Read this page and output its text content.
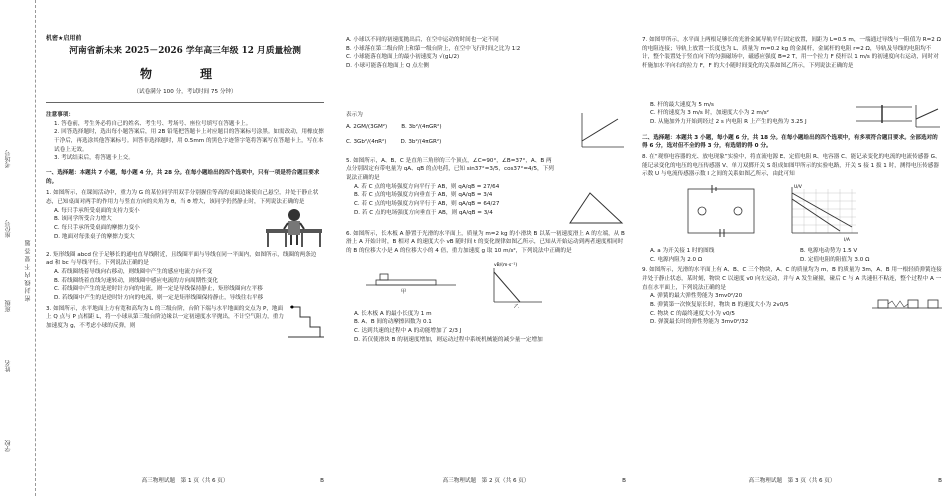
考场号
座位号
班级
姓名
学校
密 封 线 内 不 要 答 题
机密★启用前
河南省新未来 2025－2026 学年高三年级 12 月质量检测
物　理
（试卷满分 100 分，考试时间 75 分钟）
注意事项：
1. 答卷前，考生务必将自己的姓名、考生号、考场号、座位号填写在答题卡上。
2. 回答选择题时，选出每小题答案后，用 2B 铅笔把答题卡上对应题目的答案标号涂黑。如需改动，用橡皮擦干净后，再选涂其他答案标号。回答非选择题时，用 0.5mm 的黑色字迹签字笔将答案写在答题卡上，写在本试卷上无效。
3. 考试结束后，将答题卡上交。
一、选择题：本题共 7 小题，每小题 4 分，共 28 分。在每小题给出的四个选项中，只有一项是符合题目要求的。
1. 如图所示，在课间活动中，重力为 G 的某位同学用双手分别握住等高的桌面边缘使自己悬空，并处于静止状态，已知桌面对两手的作用力与竖直方向的夹角为 θ，当 θ 增大，该同学仍然静止时，下列说法正确的是
A. 每只手承所受桌面的支持力变小
B. 该同学所受合力增大
C. 每只手承所受桌面的摩擦力变小
D. 地面对每张桌子的摩擦力变大
2. 矩形线圈 abcd 位于足够长的通电直导线附近，且线圈平面与导线在同一平面内，如图所示，线圈的两条边 ad 和 bc 与导线平行。下列说法正确的是
A. 若线圈绕着导线向右移动，则线圈中产生的感应电流方向不变
B. 若线圈绕着直线匀速转动，则线圈中感应电流的方向周期性变化
C. 若线圈中产生的是逆时针方向的电流，则一定是导线保持静止，矩形线圈向左平移
D. 若线圈中产生的是逆时针方向的电流，则一定是矩形线圈保持静止，导线往右平移
3. 如图所示，水平地面上方有宽和高均为 L 的三级台阶，台阶下端与水平地面的交点为 P，地面上 Q 点与 P 点相距 L，将一小球从第三级台阶边缘以一定初速度水平抛出，不计空气阻力，重力加速度为 g，不考虑小球的反弹，则
高三物理试题　第 1 页（共 6 页）	B
A. 小球以不同的初速度抛出后，在空中运动的时间也一定不同
B. 小球落在第二级台阶上和第一级台阶上，在空中飞行时间之比为 1∶2
C. 小球能落在地面上的最小初速度为 √(gL/2)
D. 小球可能落在地面上 Q 点左侧
表示为
A. 2GM/(3GM²)	B. 3b²/(4πGR²)
C. 3Gb²/(4πR²)	D. 3b²/(4πGR²)
5. 如图所示，A、B、C 是直角三角形的三个顶点，∠C=90°，∠B=37°，A、B 两点分别固定有带电量为 qA、qB 的点电荷，已知 sin37°=3/5，cos37°=4/5，下列说法正确的是
A. 若 C 点的电场强度方向平行于 AB，则 qA/qB = 27/64
B. 若 C 点的电场强度方向垂直于 AB，则 qA/qB = 3/4
C. 若 C 点的电场强度方向平行于 AB，则 qA/qB = 64/27
D. 若 C 点的电场强度方向垂直于 AB，则 qA/qB = 3/4
6. 如图所示，长木板 A 静置于光滑的水平面上，质量为 m=2 kg 的小滑块 B 以某一初速度滑上 A 的左端，从 B 滑上 A 开始计时，B 相对 A 的速度大小 vB 随时间 t 的变化规律如图乙所示，已知从开始运动到两者速度相同时的 B 的位移大小是 A 的位移大小的 4 倍，重力加速度 g 取 10 m/s²，下列说法中正确的是
甲
vB/(m·s⁻¹)
乙
A. 长木板 A 的最小长度为 1 m
B. A、B 间的动摩擦因数为 0.1
C. 达到共速的过程中 A 的动能增加了 2/3 J
D. 若仅使滑块 B 的初速度增加，则运动过程中系统机械能的减少量一定增加
高三物理试题　第 2 页（共 6 页）	B
7. 如图甲所示，水平面上两根足够长的光滑金属导轨平行固定放置，间距为 L=0.5 m，一端通过导线与一阻值为 R=2 Ω 的电阻连接；导轨上放置一长度也为 L、质量为 m=0.2 kg 的金属杆，金属杆的电阻 r=2 Ω，导轨及导线的电阻均不计，整个装置处于竖直向下的匀强磁场中，磁感应强度 B=2 T，用一个拉力 F 使杆以 1 m/s 的初速度向右运动，同时对杆施加水平向右的拉力 F，F 的大小随时间变化的关系如图乙所示，下列说法正确的是
B. 杆的最大速度为 5 m/s
C. 杆的速度为 3 m/s 时，加速度大小为 2 m/s²
D. 从施加外力开始到经过 2 s 内电阻 R 上产生的电热为 3.25 J
二、选择题：本题共 3 小题，每小题 6 分，共 18 分。在每小题给出的四个选项中，有多项符合题目要求。全部选对的得 6 分，选对但不全的得 3 分，有选错的得 0 分。
8. 在“观察电容器的充、放电现象”实验中，将直流电源 E、定值电阻 R、电容器 C、能记录变化的电流的电流传感器 G、能记录变化的电压的电压传感器 V、单刀双掷开关 S 组成如图甲所示的实验电路，开关 S 接 1 拔 1 时，测得电压传感器示数 U 与电流传感器示数 I 之间的关系如图乙所示，由此可知
U/V
I/A
A. a 为开关接 1 时的图线	B. 电源电动势为 1.5 V
C. 电源内阻为 2.0 Ω	D. 定值电阻的阻值为 3.0 Ω
9. 如图所示，光滑的水平面上有 A、B、C 三个物块，A、C 的质量均为 m，B 的质量为 3m，A、B 用一根轻质弹簧连接并处于静止状态，某时刻，物块 C 以速度 v0 向左运动，并与 A 发生碰撞，碰后 C 与 A 共速但不粘连，整个过程中 A 一直在水平面上，下列说法正确的是
A. 弹簧的最大弹性势能为 3mv0²/20
B. 弹簧第一次恢复原长时，物块 B 的速度大小为 2v0/5
C. 物块 C 的最终速度大小为 v0/5
D. 弹簧最长时的弹性势能为 3mv0²/32
高三物理试题　第 3 页（共 6 页）	B
